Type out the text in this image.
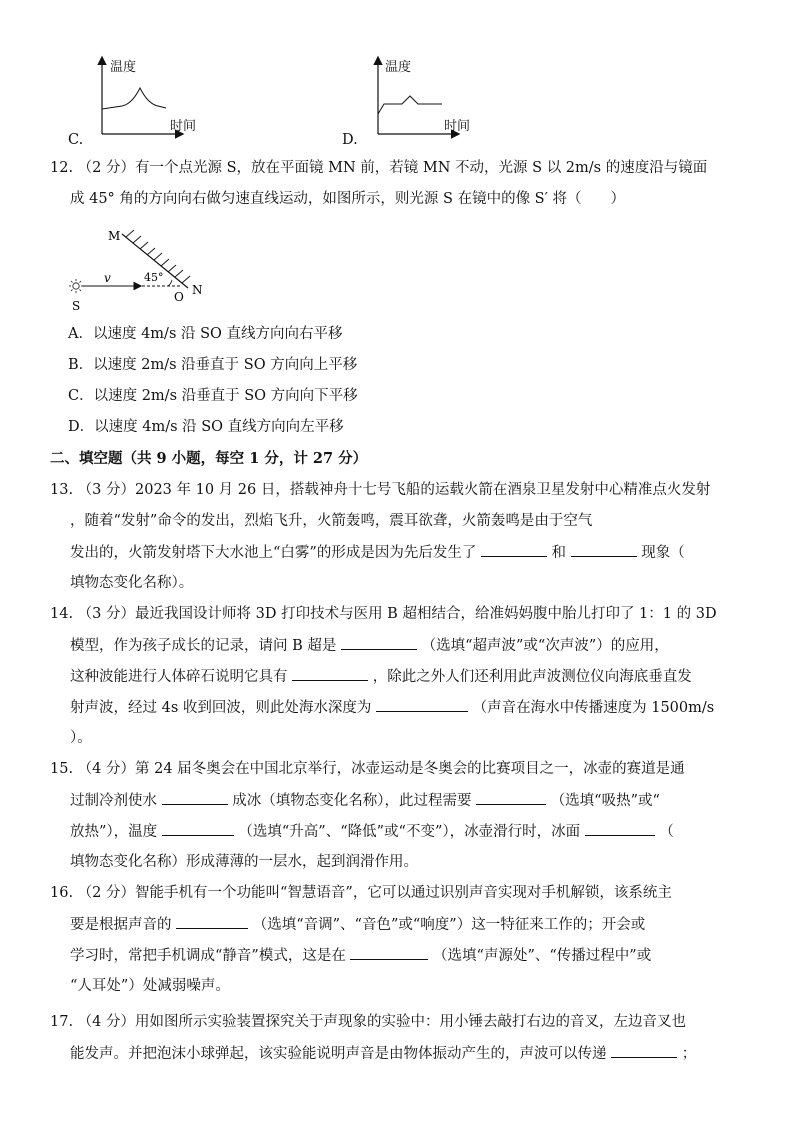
C.
温度
时间
D.
温度
时间
12. （2 分）有一个点光源 S，放在平面镜 MN 前，若镜 MN 不动，光源 S 以 2m/s 的速度沿与镜面
成 45° 角的方向向右做匀速直线运动，如图所示，则光源 S 在镜中的像 S′ 将（　　）
M
N
O
S
v	45°
A．以速度 4m/s 沿 SO 直线方向向右平移
B．以速度 2m/s 沿垂直于 SO 方向向上平移
C．以速度 2m/s 沿垂直于 SO 方向向下平移
D．以速度 4m/s 沿 SO 直线方向向左平移
二、填空题（共 9 小题，每空 1 分，计 27 分）
13. （3 分）2023 年 10 月 26 日，搭载神舟十七号飞船的运载火箭在酒泉卫星发射中心精准点火发射
，随着“发射”命令的发出，烈焰飞升，火箭轰鸣，震耳欲聋，火箭轰鸣是由于空气
发出的，火箭发射塔下大水池上“白雾”的形成是因为先后发生了	和	现象（
填物态变化名称）。
14. （3 分）最近我国设计师将 3D 打印技术与医用 B 超相结合，给准妈妈腹中胎儿打印了 1：1 的 3D
模型，作为孩子成长的记录，请问 B 超是	（选填“超声波”或“次声波”）的应用，
这种波能进行人体碎石说明它具有	，除此之外人们还利用此声波测位仪向海底垂直发
射声波，经过 4s 收到回波，则此处海水深度为	（声音在海水中传播速度为 1500m/s
）。
15. （4 分）第 24 届冬奥会在中国北京举行，冰壶运动是冬奥会的比赛项目之一，冰壶的赛道是通
过制冷剂使水	成冰（填物态变化名称），此过程需要	（选填“吸热”或“
放热”），温度	（选填“升高”、“降低”或“不变”），冰壶滑行时，冰面	（
填物态变化名称）形成薄薄的一层水，起到润滑作用。
16. （2 分）智能手机有一个功能叫“智慧语音”，它可以通过识别声音实现对手机解锁，该系统主
要是根据声音的	（选填“音调”、“音色”或“响度”）这一特征来工作的；开会或
学习时，常把手机调成“静音”模式，这是在	（选填“声源处”、“传播过程中”或
“人耳处”）处减弱噪声。
17. （4 分）用如图所示实验装置探究关于声现象的实验中：用小锤去敲打右边的音叉，左边音叉也
能发声。并把泡沫小球弹起，该实验能说明声音是由物体振动产生的，声波可以传递	；
